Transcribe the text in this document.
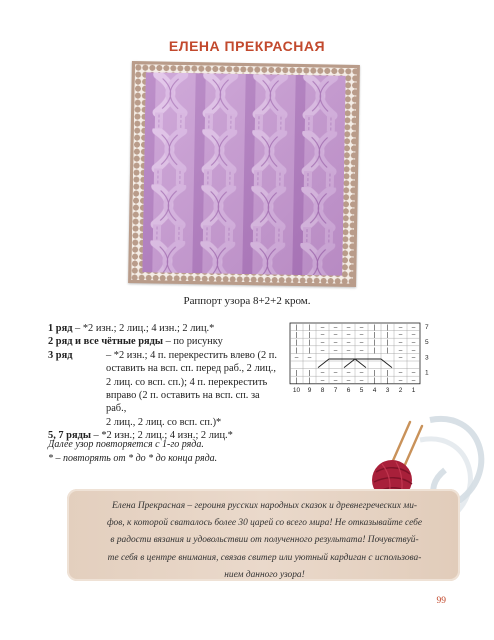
ЕЛЕНА ПРЕКРАСНАЯ

Раппорт узора 8+2+2 кром.

1 ряд – *2 изн.; 2 лиц.; 4 изн.; 2 лиц.*
2 ряд и все чётные ряды – по рисунку
3 ряд	– *2 изн.; 4 п. перекрестить влево (2 п.
оставить на всп. сп. перед раб., 2 лиц.,
2 лиц. со всп. сп.); 4 п. перекрестить
вправо (2 п. оставить на всп. сп. за раб.,
2 лиц., 2 лиц. со всп. сп.)*
5, 7 ряды – *2 изн.; 2 лиц.; 4 изн.; 2 лиц.*
| | – – – – | | – –
| | – – – – | | – –
| | – – – – | | – –
| | – – – – | | – –
| | – – – – | | – –
| | – – – – | | – –
– –	– –
10 9 8 7 6 5 4 3 2 1
7
5
3
1
Далее узор повторяется с 1-го ряда.
* – повторять от * до * до конца ряда.
Елена Прекрасная – героиня русских народных сказок и древнегреческих ми-
фов, к которой сваталось более 30 царей со всего мира! Не отказывайте себе
в радости вязания и удовольствии от полученного результата! Почувствуй-
те себя в центре внимания, связав свитер или уютный кардиган с использова-
нием данного узора!
99
